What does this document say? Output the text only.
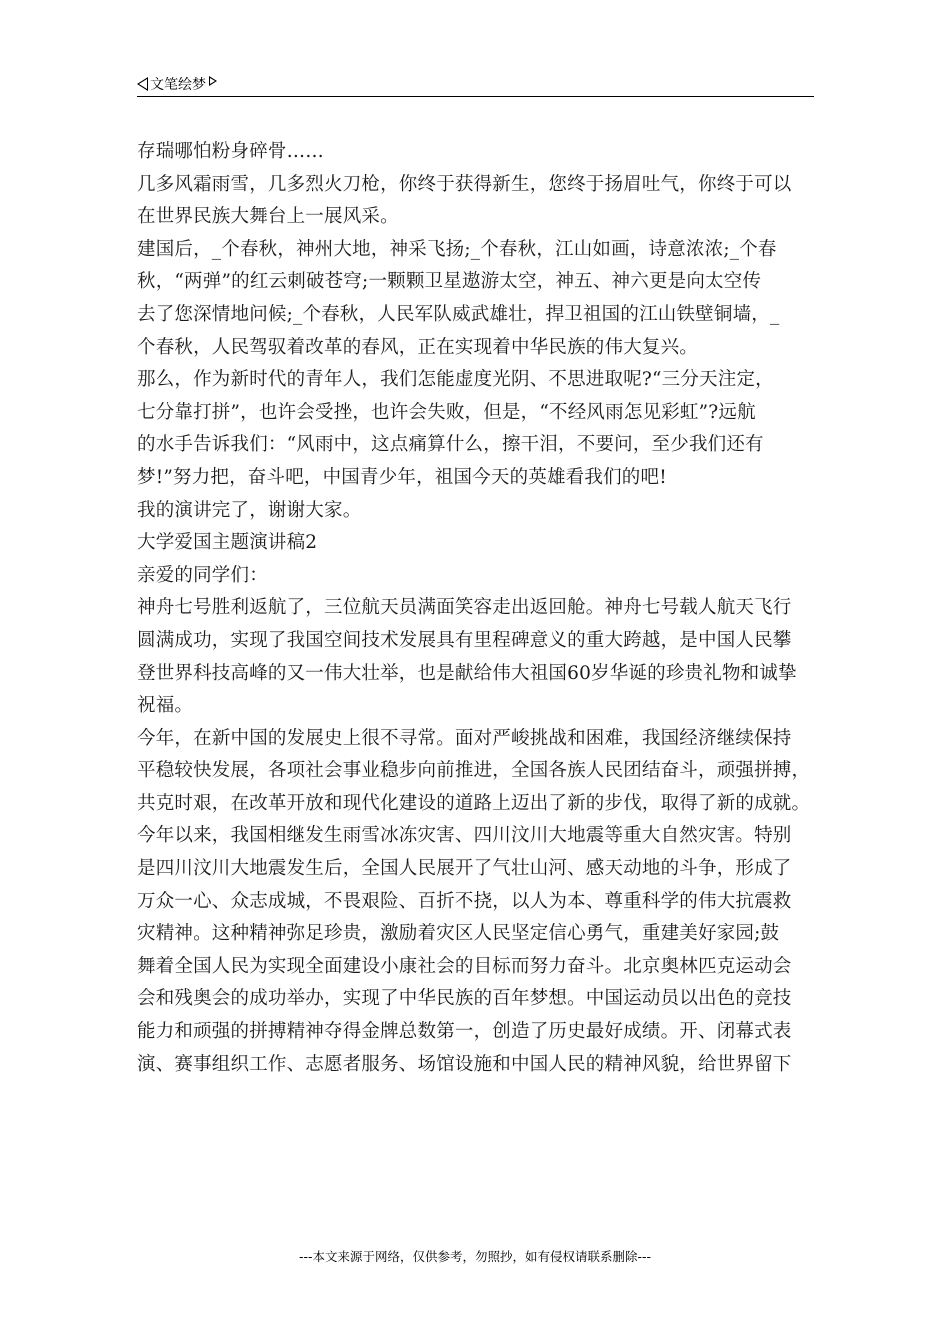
文笔绘梦
存瑞哪怕粉身碎骨……
几多风霜雨雪，几多烈火刀枪，你终于获得新生，您终于扬眉吐气，你终于可以
在世界民族大舞台上一展风采。
建国后，_个春秋，神州大地，神采飞扬;_个春秋，江山如画，诗意浓浓;_个春
秋，“两弹”的红云刺破苍穹;一颗颗卫星遨游太空，神五、神六更是向太空传
去了您深情地问候;_个春秋，人民军队威武雄壮，捍卫祖国的江山铁壁铜墙，_
个春秋，人民驾驭着改革的春风，正在实现着中华民族的伟大复兴。
那么，作为新时代的青年人，我们怎能虚度光阴、不思进取呢?“三分天注定，
七分靠打拼”，也许会受挫，也许会失败，但是，“不经风雨怎见彩虹”?远航
的水手告诉我们：“风雨中，这点痛算什么，擦干泪，不要问，至少我们还有
梦!”努力把，奋斗吧，中国青少年，祖国今天的英雄看我们的吧!
我的演讲完了，谢谢大家。
大学爱国主题演讲稿2
亲爱的同学们：
神舟七号胜利返航了，三位航天员满面笑容走出返回舱。神舟七号载人航天飞行
圆满成功，实现了我国空间技术发展具有里程碑意义的重大跨越，是中国人民攀
登世界科技高峰的又一伟大壮举，也是献给伟大祖国60岁华诞的珍贵礼物和诚挚
祝福。
今年，在新中国的发展史上很不寻常。面对严峻挑战和困难，我国经济继续保持
平稳较快发展，各项社会事业稳步向前推进，全国各族人民团结奋斗，顽强拼搏，
共克时艰，在改革开放和现代化建设的道路上迈出了新的步伐，取得了新的成就。
今年以来，我国相继发生雨雪冰冻灾害、四川汶川大地震等重大自然灾害。特别
是四川汶川大地震发生后，全国人民展开了气壮山河、感天动地的斗争，形成了
万众一心、众志成城，不畏艰险、百折不挠，以人为本、尊重科学的伟大抗震救
灾精神。这种精神弥足珍贵，激励着灾区人民坚定信心勇气，重建美好家园;鼓
舞着全国人民为实现全面建设小康社会的目标而努力奋斗。北京奥林匹克运动会
会和残奥会的成功举办，实现了中华民族的百年梦想。中国运动员以出色的竞技
能力和顽强的拼搏精神夺得金牌总数第一，创造了历史最好成绩。开、闭幕式表
演、赛事组织工作、志愿者服务、场馆设施和中国人民的精神风貌，给世界留下
---本文来源于网络，仅供参考，勿照抄，如有侵权请联系删除---
